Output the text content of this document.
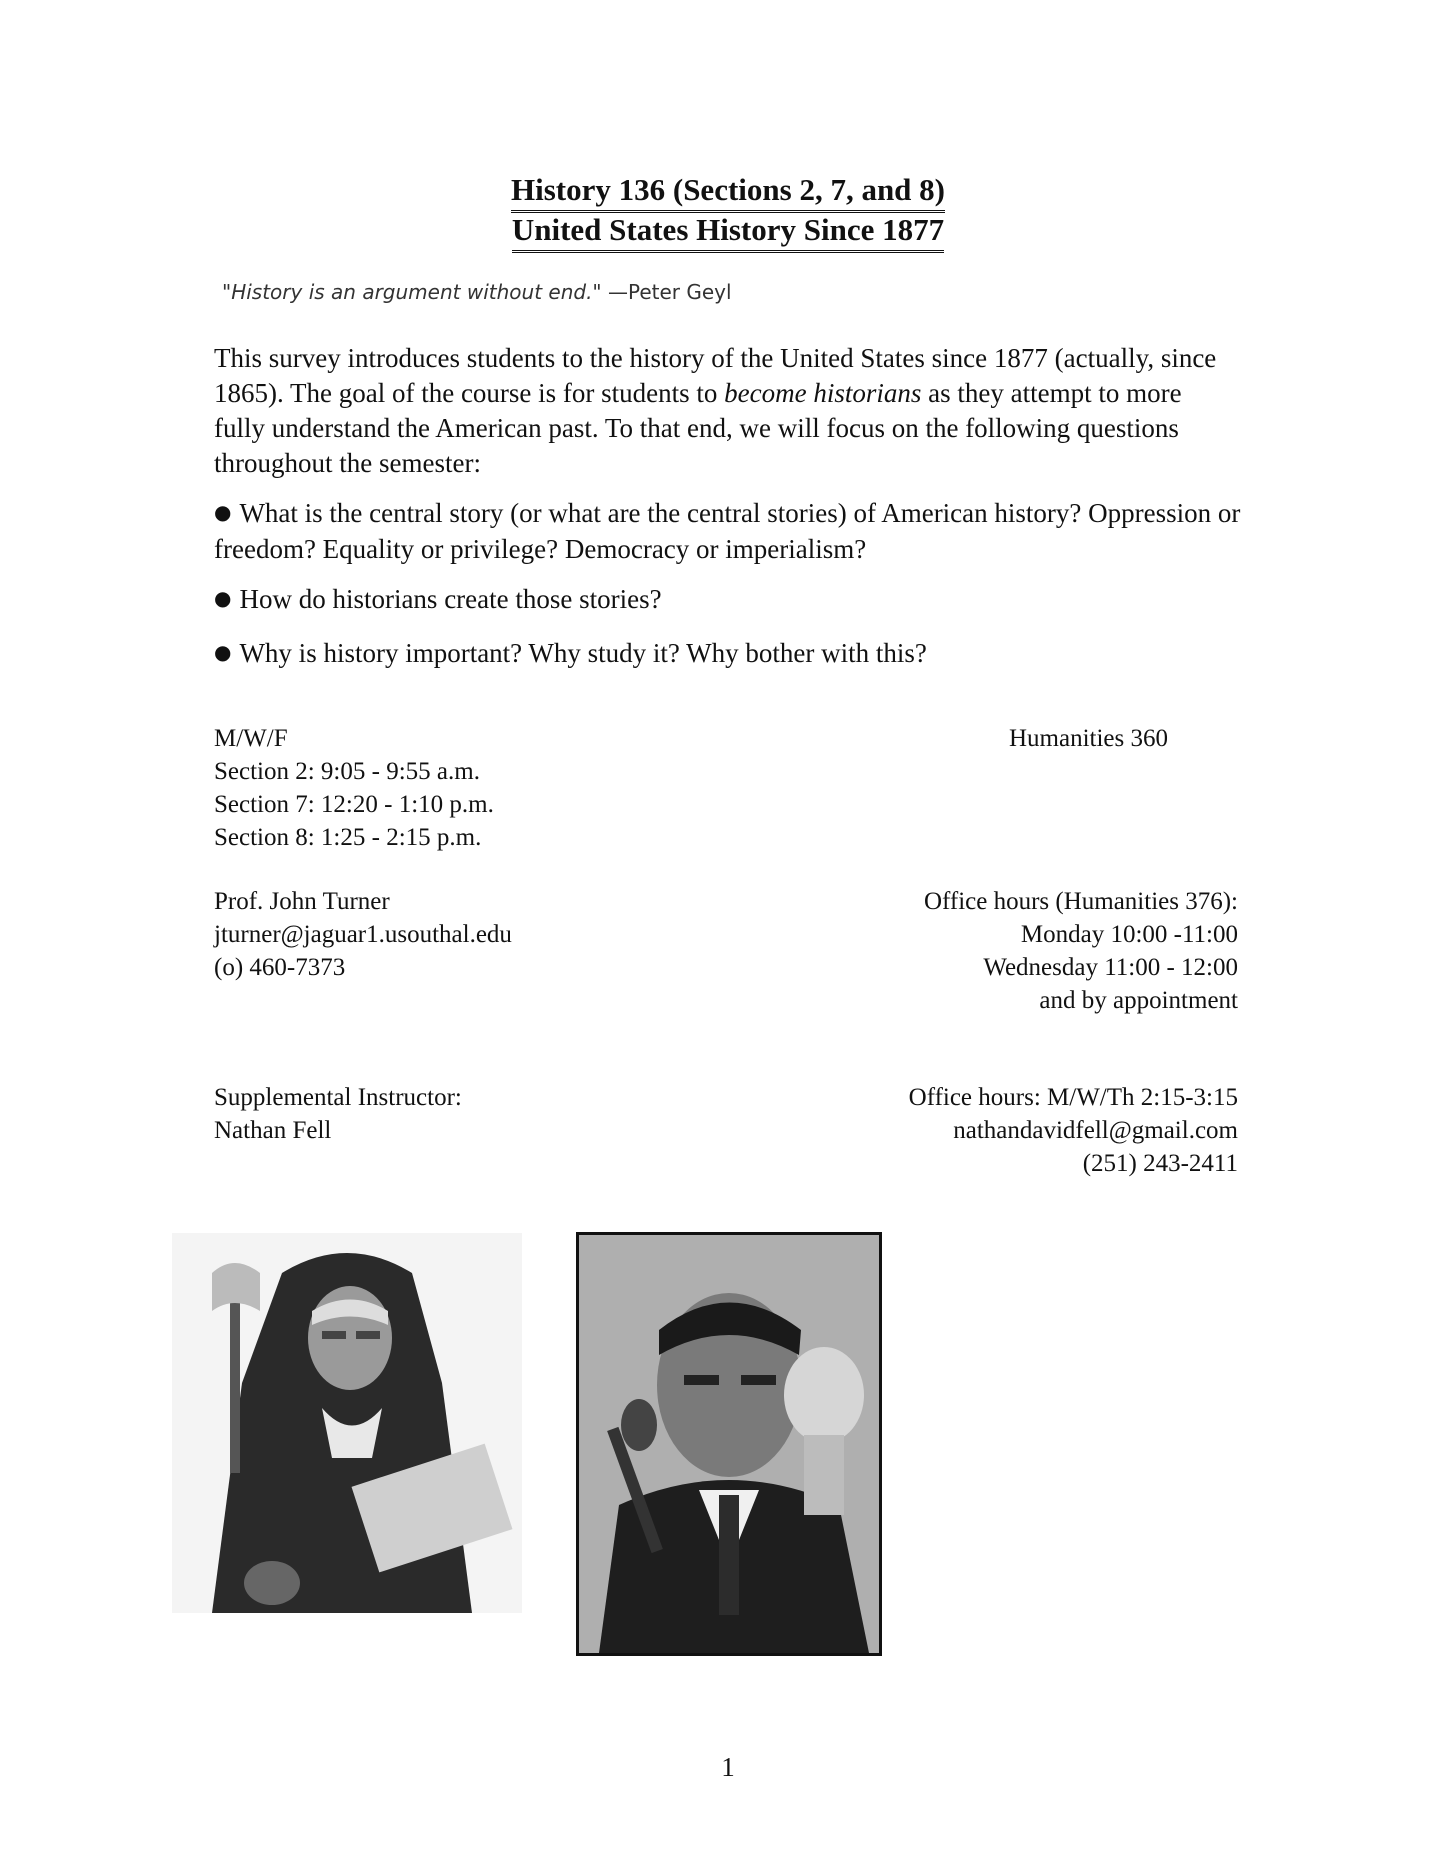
History 136 (Sections 2, 7, and 8)
United States History Since 1877
"History is an argument without end." —Peter Geyl

This survey introduces students to the history of the United States since 1877 (actually, since 1865). The goal of the course is for students to become historians as they attempt to more fully understand the American past. To that end, we will focus on the following questions throughout the semester:

● What is the central story (or what are the central stories) of American history? Oppression or freedom? Equality or privilege? Democracy or imperialism?

● How do historians create those stories?

● Why is history important? Why study it? Why bother with this?

M/W/F
Section 2: 9:05 - 9:55 a.m.
Section 7: 12:20 - 1:10 p.m.
Section 8: 1:25 - 2:15 p.m.
Humanities 360
Prof. John Turner
jturner@jaguar1.usouthal.edu
(o) 460-7373
Office hours (Humanities 376):
Monday 10:00 -11:00
Wednesday 11:00 - 12:00
and by appointment
Supplemental Instructor:
Nathan Fell
Office hours: M/W/Th 2:15-3:15
nathandavidfell@gmail.com
(251) 243-2411
1
